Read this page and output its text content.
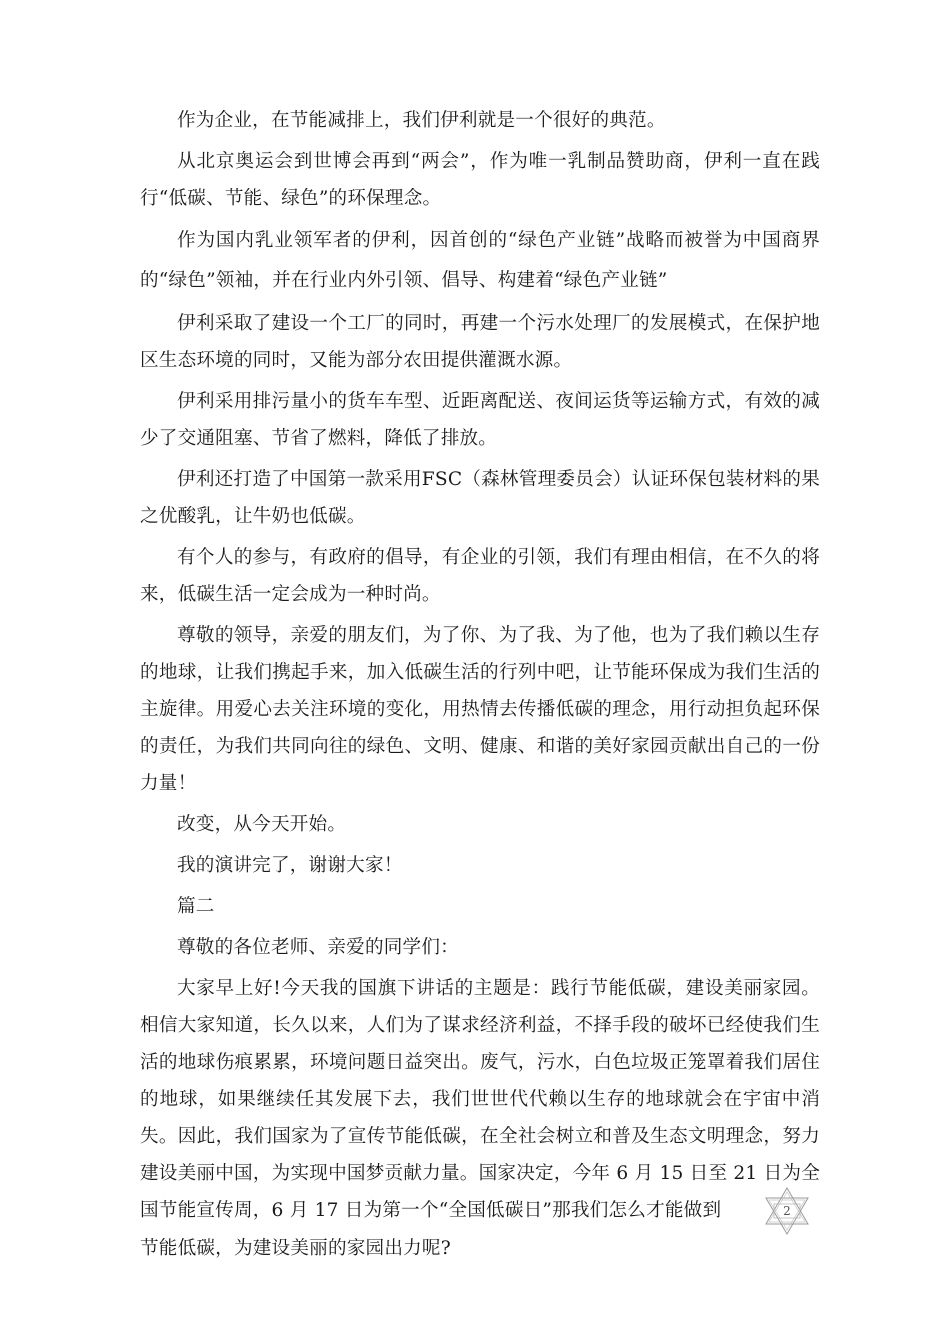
作为企业，在节能减排上，我们伊利就是一个很好的典范。

从北京奥运会到世博会再到“两会”，作为唯一乳制品赞助商，伊利一直在践行“低碳、节能、绿色”的环保理念。

作为国内乳业领军者的伊利，因首创的“绿色产业链”战略而被誉为中国商界的“绿色”领袖，并在行业内外引领、倡导、构建着“绿色产业链”

伊利采取了建设一个工厂的同时，再建一个污水处理厂的发展模式，在保护地区生态环境的同时，又能为部分农田提供灌溉水源。

伊利采用排污量小的货车车型、近距离配送、夜间运货等运输方式，有效的减少了交通阻塞、节省了燃料，降低了排放。

伊利还打造了中国第一款采用FSC（森林管理委员会）认证环保包装材料的果之优酸乳，让牛奶也低碳。

有个人的参与，有政府的倡导，有企业的引领，我们有理由相信，在不久的将来，低碳生活一定会成为一种时尚。

尊敬的领导，亲爱的朋友们，为了你、为了我、为了他，也为了我们赖以生存的地球，让我们携起手来，加入低碳生活的行列中吧，让节能环保成为我们生活的主旋律。用爱心去关注环境的变化，用热情去传播低碳的理念，用行动担负起环保的责任，为我们共同向往的绿色、文明、健康、和谐的美好家园贡献出自己的一份力量！

改变，从今天开始。

我的演讲完了，谢谢大家！

篇二

尊敬的各位老师、亲爱的同学们：

大家早上好!今天我的国旗下讲话的主题是：践行节能低碳，建设美丽家园。相信大家知道，长久以来，人们为了谋求经济利益，不择手段的破坏已经使我们生活的地球伤痕累累，环境问题日益突出。废气，污水，白色垃圾正笼罩着我们居住的地球，如果继续任其发展下去，我们世世代代赖以生存的地球就会在宇宙中消失。因此，我们国家为了宣传节能低碳，在全社会树立和普及生态文明理念，努力建设美丽中国，为实现中国梦贡献力量。国家决定，今年 6 月 15 日至 21 日为全国节能宣传周，6 月 17 日为第一个“全国低碳日”那我们怎么才能做到	2

节能低碳，为建设美丽的家园出力呢?
